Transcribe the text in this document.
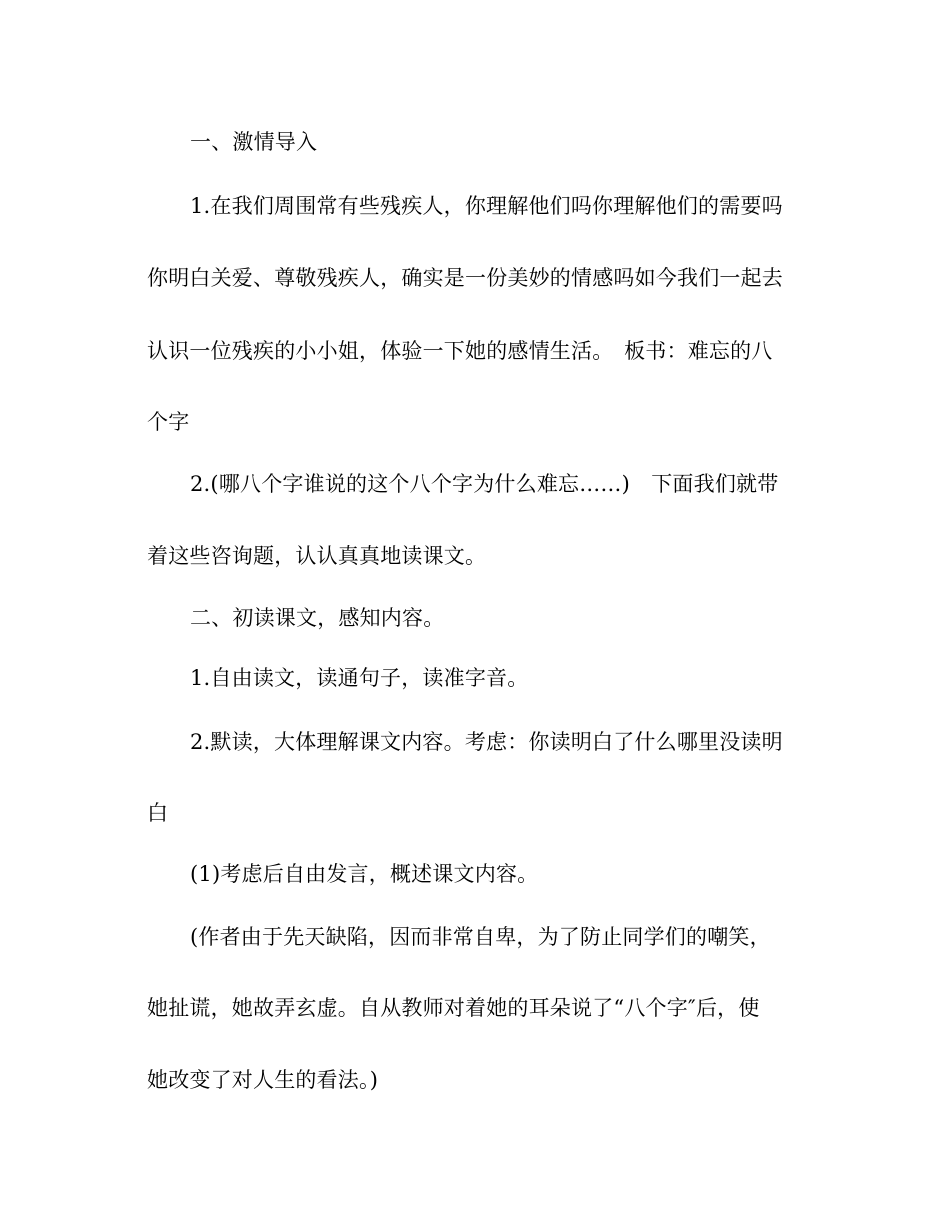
一、激情导入
1.在我们周围常有些残疾人，你理解他们吗你理解他们的需要吗
你明白关爱、尊敬残疾人，确实是一份美妙的情感吗如今我们一起去
认识一位残疾的小小姐，体验一下她的感情生活。　板书：难忘的八
个字
2.(哪八个字谁说的这个八个字为什么难忘……)　下面我们就带
着这些咨询题，认认真真地读课文。
二、初读课文，感知内容。
1.自由读文，读通句子，读准字音。
2.默读，大体理解课文内容。考虑：你读明白了什么哪里没读明
白
(1)考虑后自由发言，概述课文内容。
(作者由于先天缺陷，因而非常自卑，为了防止同学们的嘲笑，
她扯谎，她故弄玄虚。自从教师对着她的耳朵说了“八个字″后，使
她改变了对人生的看法。)
